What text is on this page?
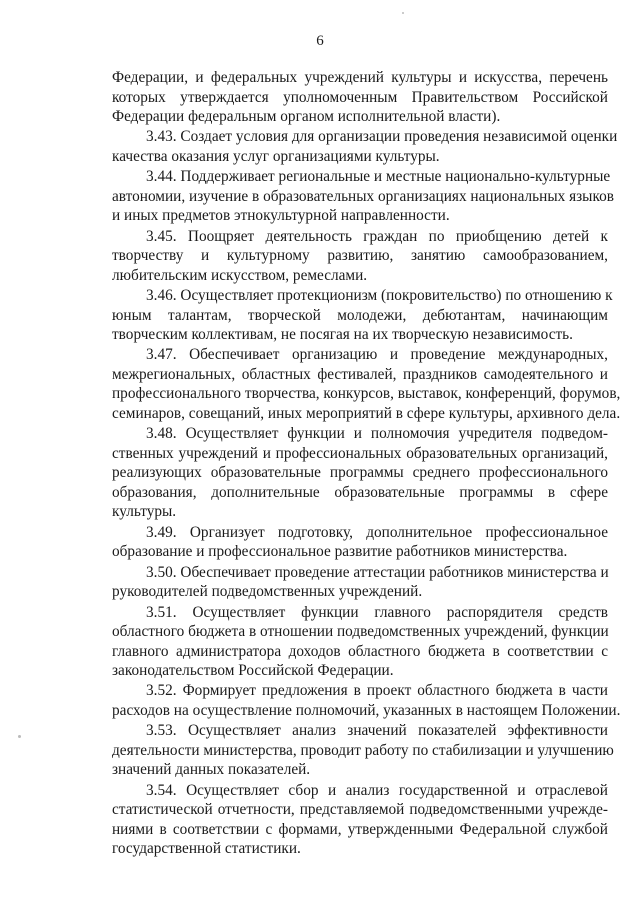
6
Федерации, и федеральных учреждений культуры и искусства, перечень
которых утверждается уполномоченным Правительством Российской
Федерации федеральным органом исполнительной власти).
3.43. Создает условия для организации проведения независимой оценки
качества оказания услуг организациями культуры.
3.44. Поддерживает региональные и местные национально-культурные
автономии, изучение в образовательных организациях национальных языков
и иных предметов этнокультурной направленности.
3.45. Поощряет деятельность граждан по приобщению детей к
творчеству и культурному развитию, занятию самообразованием,
любительским искусством, ремеслами.
3.46. Осуществляет протекционизм (покровительство) по отношению к
юным талантам, творческой молодежи, дебютантам, начинающим
творческим коллективам, не посягая на их творческую независимость.
3.47. Обеспечивает организацию и проведение международных,
межрегиональных, областных фестивалей, праздников самодеятельного и
профессионального творчества, конкурсов, выставок, конференций, форумов,
семинаров, совещаний, иных мероприятий в сфере культуры, архивного дела.
3.48. Осуществляет функции и полномочия учредителя подведом-
ственных учреждений и профессиональных образовательных организаций,
реализующих образовательные программы среднего профессионального
образования, дополнительные образовательные программы в сфере
культуры.
3.49. Организует подготовку, дополнительное профессиональное
образование и профессиональное развитие работников министерства.
3.50. Обеспечивает проведение аттестации работников министерства и
руководителей подведомственных учреждений.
3.51. Осуществляет функции главного распорядителя средств
областного бюджета в отношении подведомственных учреждений, функции
главного администратора доходов областного бюджета в соответствии с
законодательством Российской Федерации.
3.52. Формирует предложения в проект областного бюджета в части
расходов на осуществление полномочий, указанных в настоящем Положении.
3.53. Осуществляет анализ значений показателей эффективности
деятельности министерства, проводит работу по стабилизации и улучшению
значений данных показателей.
3.54. Осуществляет сбор и анализ государственной и отраслевой
статистической отчетности, представляемой подведомственными учрежде-
ниями в соответствии с формами, утвержденными Федеральной службой
государственной статистики.
